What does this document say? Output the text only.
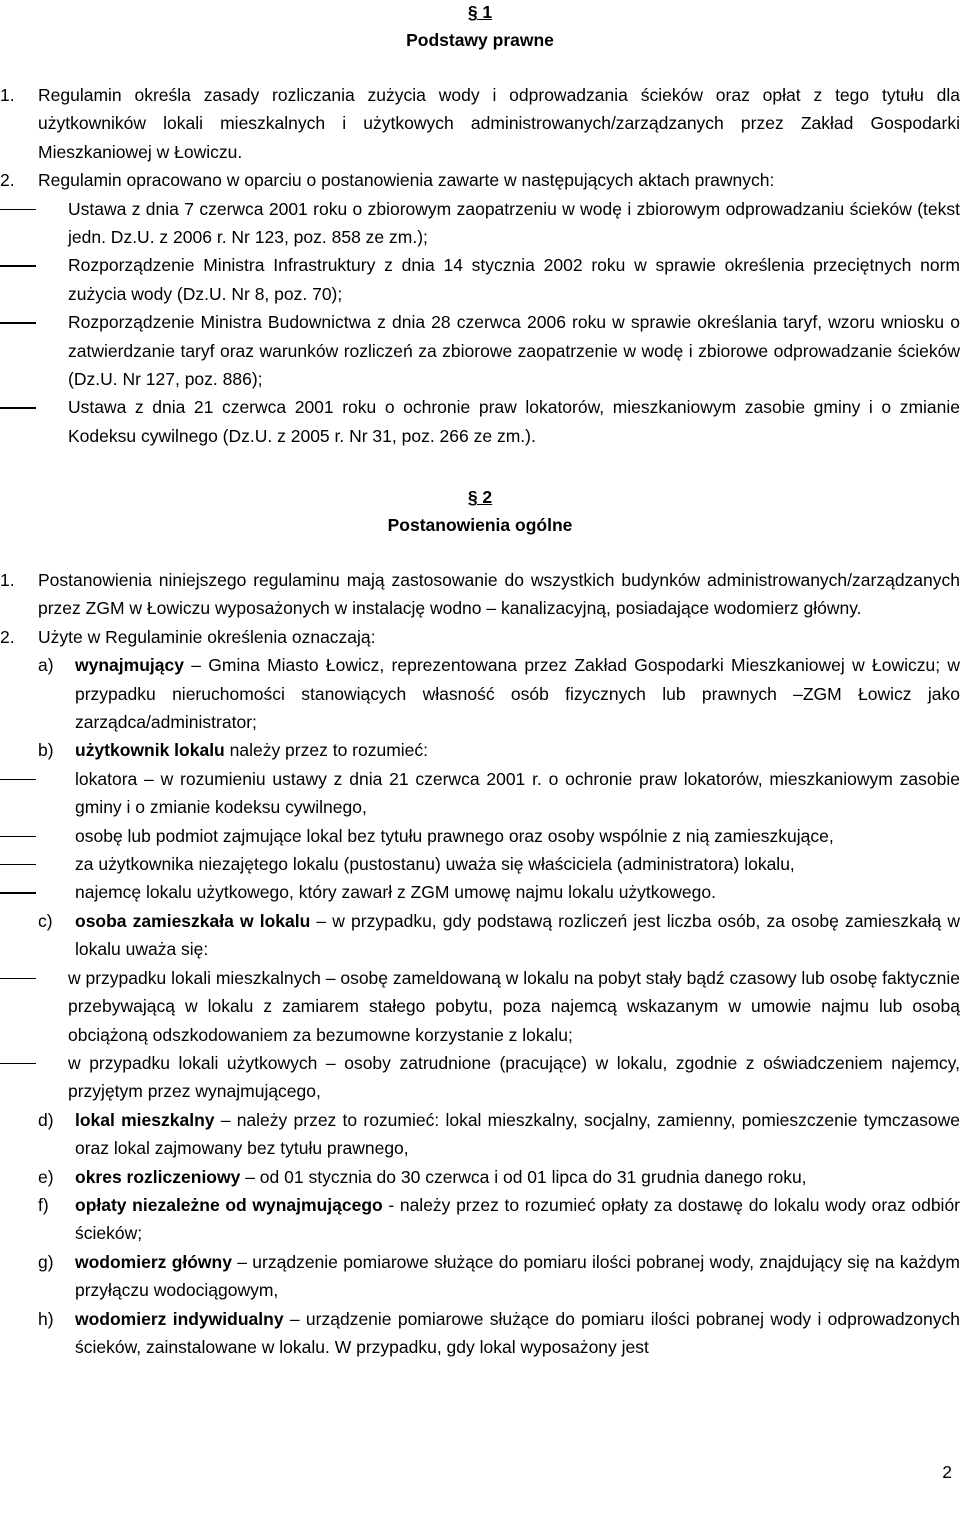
§ 1
Podstawy prawne
1. Regulamin określa zasady rozliczania zużycia wody i odprowadzania ścieków oraz opłat z tego tytułu dla użytkowników lokali mieszkalnych i użytkowych administrowanych/zarządzanych przez Zakład Gospodarki Mieszkaniowej w Łowiczu.
2. Regulamin opracowano w oparciu o postanowienia zawarte w następujących aktach prawnych:
Ustawa z dnia 7 czerwca 2001 roku o zbiorowym zaopatrzeniu w wodę i zbiorowym odprowadzaniu ścieków (tekst jedn. Dz.U. z 2006 r. Nr 123, poz. 858 ze zm.);
Rozporządzenie Ministra Infrastruktury z dnia 14 stycznia 2002 roku w sprawie określenia przeciętnych norm zużycia wody (Dz.U. Nr 8, poz. 70);
Rozporządzenie Ministra Budownictwa z dnia 28 czerwca 2006 roku w sprawie określania taryf, wzoru wniosku o zatwierdzanie taryf oraz warunków rozliczeń za zbiorowe zaopatrzenie w wodę i zbiorowe odprowadzanie ścieków (Dz.U. Nr 127, poz. 886);
Ustawa z dnia 21 czerwca 2001 roku o ochronie praw lokatorów, mieszkaniowym zasobie gminy i o zmianie Kodeksu cywilnego (Dz.U. z 2005 r. Nr 31, poz. 266 ze zm.).
§ 2
Postanowienia ogólne
1. Postanowienia niniejszego regulaminu mają zastosowanie do wszystkich budynków administrowanych/zarządzanych przez ZGM w Łowiczu wyposażonych w instalację wodno – kanalizacyjną, posiadające wodomierz główny.
2. Użyte w Regulaminie określenia oznaczają:
a) wynajmujący – Gmina Miasto Łowicz, reprezentowana przez Zakład Gospodarki Mieszkaniowej w Łowiczu; w przypadku nieruchomości stanowiących własność osób fizycznych lub prawnych –ZGM Łowicz jako zarządca/administrator;
b) użytkownik lokalu należy przez to rozumieć:
lokatora – w rozumieniu ustawy z dnia 21 czerwca 2001 r. o ochronie praw lokatorów, mieszkaniowym zasobie gminy i o zmianie kodeksu cywilnego,
osobę lub podmiot zajmujące lokal bez tytułu prawnego oraz osoby wspólnie z nią zamieszkujące,
za użytkownika niezajętego lokalu (pustostanu) uważa się właściciela (administratora) lokalu,
najemcę lokalu użytkowego, który zawarł z ZGM umowę najmu lokalu użytkowego.
c) osoba zamieszkała w lokalu – w przypadku, gdy podstawą rozliczeń jest liczba osób, za osobę zamieszkałą w lokalu uważa się:
w przypadku lokali mieszkalnych – osobę zameldowaną w lokalu na pobyt stały bądź czasowy lub osobę faktycznie przebywającą w lokalu z zamiarem stałego pobytu, poza najemcą wskazanym w umowie najmu lub osobą obciążoną odszkodowaniem za bezumowne korzystanie z lokalu;
w przypadku lokali użytkowych – osoby zatrudnione (pracujące) w lokalu, zgodnie z oświadczeniem najemcy, przyjętym przez wynajmującego,
d) lokal mieszkalny – należy przez to rozumieć: lokal mieszkalny, socjalny, zamienny, pomieszczenie tymczasowe oraz lokal zajmowany bez tytułu prawnego,
e) okres rozliczeniowy – od 01 stycznia do 30 czerwca i od 01 lipca do 31 grudnia danego roku,
f) opłaty niezależne od wynajmującego - należy przez to rozumieć opłaty za dostawę do lokalu wody oraz odbiór ścieków;
g) wodomierz główny – urządzenie pomiarowe służące do pomiaru ilości pobranej wody, znajdujący się na każdym przyłączu wodociągowym,
h) wodomierz indywidualny – urządzenie pomiarowe służące do pomiaru ilości pobranej wody i odprowadzonych ścieków, zainstalowane w lokalu. W przypadku, gdy lokal wyposażony jest
2
